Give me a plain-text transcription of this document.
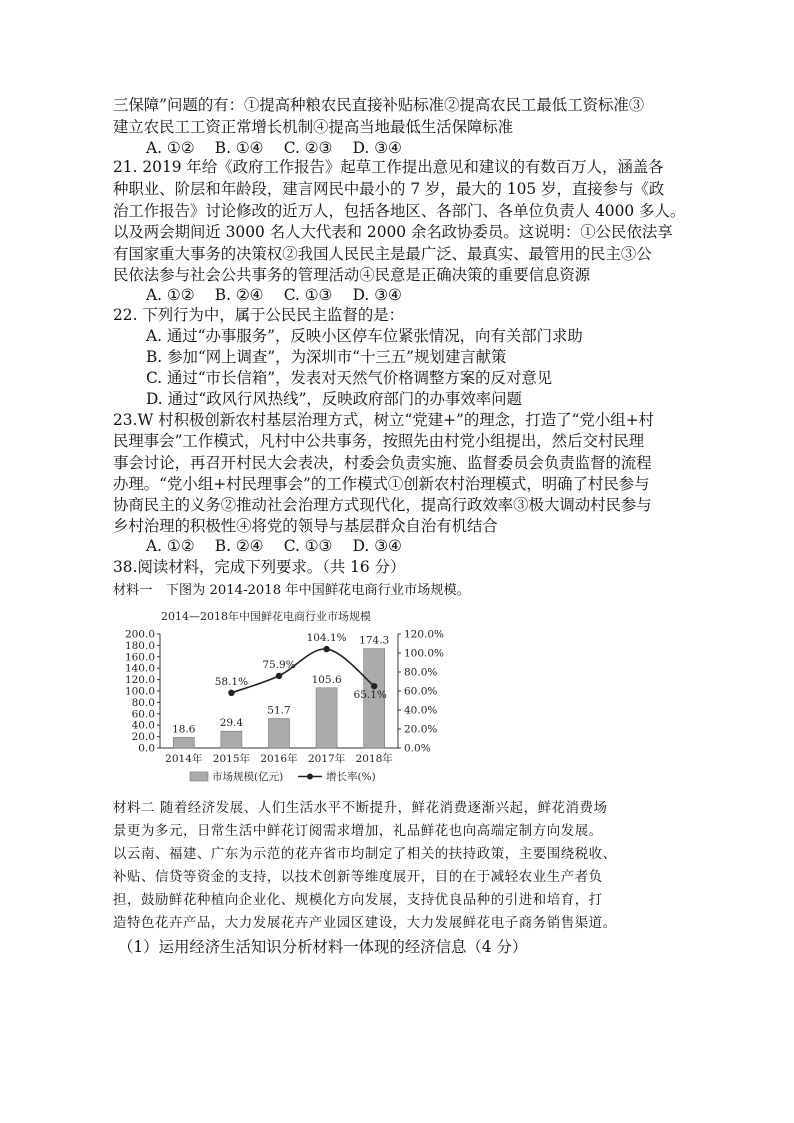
三保障”问题的有：①提高种粮农民直接补贴标准②提高农民工最低工资标准③
建立农民工工资正常增长机制④提高当地最低生活保障标准
A. ①②　 B. ①④　 C. ②③　 D. ③④
21. 2019 年给《政府工作报告》起草工作提出意见和建议的有数百万人，涵盖各
种职业、阶层和年龄段，建言网民中最小的 7 岁，最大的 105 岁，直接参与《政
治工作报告》讨论修改的近万人，包括各地区、各部门、各单位负责人 4000 多人。
以及两会期间近 3000 名人大代表和 2000 余名政协委员。这说明：①公民依法享
有国家重大事务的决策权②我国人民民主是最广泛、最真实、最管用的民主③公
民依法参与社会公共事务的管理活动④民意是正确决策的重要信息资源
A. ①②　 B. ②④　 C. ①③　 D. ③④
22. 下列行为中，属于公民民主监督的是：
A. 通过“办事服务”，反映小区停车位紧张情况，向有关部门求助
B. 参加“网上调查”，为深圳市“十三五”规划建言献策
C. 通过“市长信箱”，发表对天然气价格调整方案的反对意见
D. 通过“政风行风热线”，反映政府部门的办事效率问题
23.W 村积极创新农村基层治理方式，树立“党建+”的理念，打造了“党小组+村
民理事会”工作模式，凡村中公共事务，按照先由村党小组提出，然后交村民理
事会讨论，再召开村民大会表决，村委会负责实施、监督委员会负责监督的流程
办理。“党小组+村民理事会”的工作模式①创新农村治理模式，明确了村民参与
协商民主的义务②推动社会治理方式现代化，提高行政效率③极大调动村民参与
乡村治理的积极性④将党的领导与基层群众自治有机结合
A. ①②　 B. ②④　 C. ①③　 D. ③④
38.阅读材料，完成下列要求。（共 16 分）
材料一　下图为 2014-2018 年中国鲜花电商行业市场规模。
2014—2018年中国鲜花电商行业市场规模
0.0
20.0
40.0
60.0
80.0
100.0
120.0
140.0
160.0
180.0
200.0
0.0%
20.0%
40.0%
60.0%
80.0%
100.0%
120.0%
2014年 2015年 2016年 2017年 2018年
18.6
29.4
51.7
105.6
174.3
58.1%
75.9%
104.1%
65.1%
市场规模(亿元)	增长率(%)
材料二 随着经济发展、人们生活水平不断提升，鲜花消费逐渐兴起，鲜花消费场
景更为多元，日常生活中鲜花订阅需求增加，礼品鲜花也向高端定制方向发展。
以云南、福建、广东为示范的花卉省市均制定了相关的扶持政策，主要围绕税收、
补贴、信贷等资金的支持，以技术创新等维度展开，目的在于减轻农业生产者负
担，鼓励鲜花种植向企业化、规模化方向发展，支持优良品种的引进和培育，打
造特色花卉产品，大力发展花卉产业园区建设，大力发展鲜花电子商务销售渠道。
（1）运用经济生活知识分析材料一体现的经济信息（4 分）
